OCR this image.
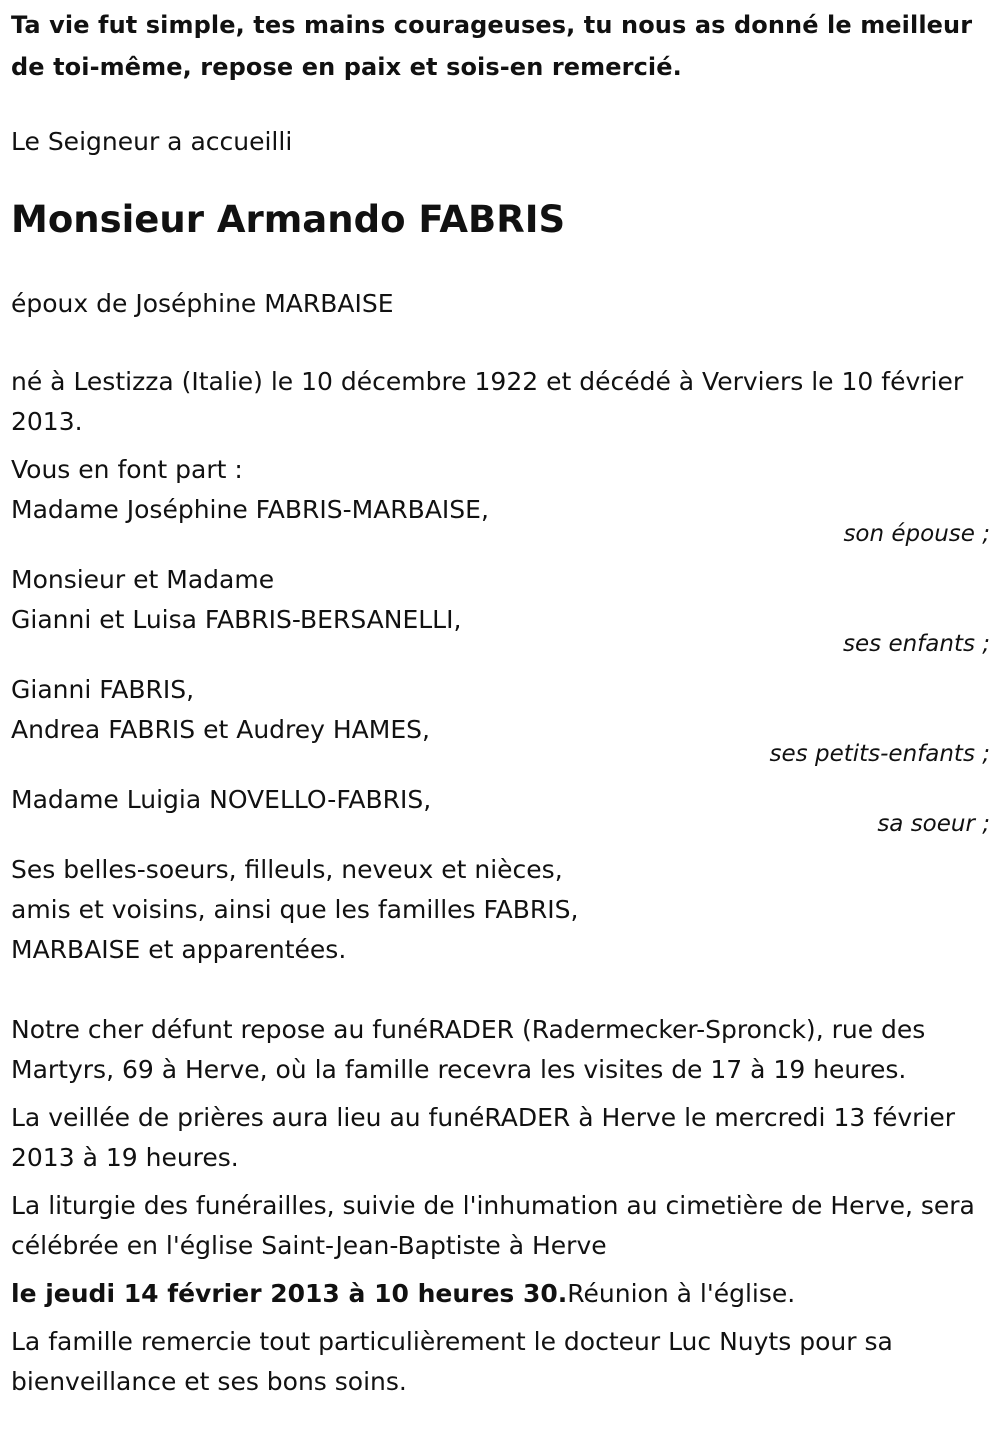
Ta vie fut simple, tes mains courageuses, tu nous as donné le meilleur de toi-même, repose en paix et sois-en remercié.

Le Seigneur a accueilli

Monsieur Armando FABRIS

époux de Joséphine MARBAISE

né à Lestizza (Italie) le 10 décembre 1922 et décédé à Verviers le 10 février 2013.

Vous en font part :

Madame Joséphine FABRIS-MARBAISE,

son épouse ;

Monsieur et Madame

Gianni et Luisa FABRIS-BERSANELLI,

ses enfants ;

Gianni FABRIS,

Andrea FABRIS et Audrey HAMES,

ses petits-enfants ;

Madame Luigia NOVELLO-FABRIS,

sa soeur ;

Ses belles-soeurs, filleuls, neveux et nièces,

amis et voisins, ainsi que les familles FABRIS,

MARBAISE et apparentées.

Notre cher défunt repose au funéRADER (Radermecker-Spronck), rue des Martyrs, 69 à Herve, où la famille recevra les visites de 17 à 19 heures.

La veillée de prières aura lieu au funéRADER à Herve le mercredi 13 février 2013 à 19 heures.

La liturgie des funérailles, suivie de l'inhumation au cimetière de Herve, sera célébrée en l'église Saint-Jean-Baptiste à Herve

le jeudi 14 février 2013 à 10 heures 30.Réunion à l'église.

La famille remercie tout particulièrement le docteur Luc Nuyts pour sa bienveillance et ses bons soins.
